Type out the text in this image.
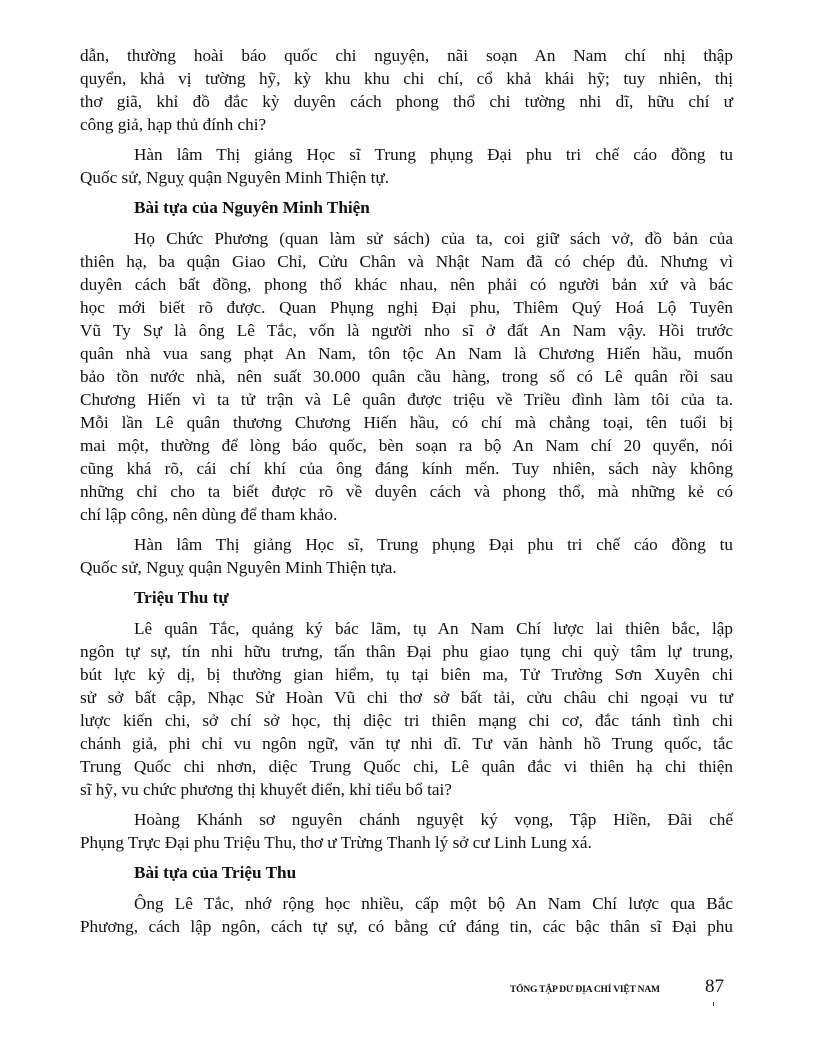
dẫn, thường hoài báo quốc chi nguyện, nãi soạn An Nam chí nhị thập
quyển, khả vị tường hỹ, kỳ khu khu chi chí, cổ khả khái hỹ; tuy nhiên, thị
thơ giã, khỉ đồ đắc kỳ duyên cách phong thổ chi tường nhi dĩ, hữu chí ư
công giả, hạp thủ đính chi?
Hàn lâm Thị giảng Học sĩ Trung phụng Đại phu tri chế cáo đồng tu
Quốc sử, Nguỵ quận Nguyên Minh Thiện tự.
Bài tựa của Nguyên Minh Thiện
Họ Chức Phương (quan làm sử sách) của ta, coi giữ sách vở, đồ bản của
thiên hạ, ba quận Giao Chỉ, Cửu Chân và Nhật Nam đã có chép đủ. Nhưng vì
duyên cách bất đồng, phong thổ khác nhau, nên phải có người bản xứ và bác
học mới biết rõ được. Quan Phụng nghị Đại phu, Thiêm Quý Hoá Lộ Tuyên
Vũ Ty Sự là ông Lê Tắc, vốn là người nho sĩ ở đất An Nam vậy. Hồi trước
quân nhà vua sang phạt An Nam, tôn tộc An Nam là Chương Hiến hầu, muốn
bảo tồn nước nhà, nên suất 30.000 quân cầu hàng, trong số có Lê quân rồi sau
Chương Hiến vì ta tử trận và Lê quân được triệu về Triều đình làm tôi của ta.
Mỗi lần Lê quân thương Chương Hiến hầu, có chí mà chẳng toại, tên tuổi bị
mai một, thường để lòng báo quốc, bèn soạn ra bộ An Nam chí 20 quyển, nói
cũng khá rõ, cái chí khí của ông đáng kính mến. Tuy nhiên, sách này không
những chỉ cho ta biết được rõ về duyên cách và phong thổ, mà những kẻ có
chí lập công, nên dùng để tham khảo.
Hàn lâm Thị giảng Học sĩ, Trung phụng Đại phu tri chế cáo đồng tu
Quốc sử, Nguỵ quận Nguyên Minh Thiện tựa.
Triệu Thu tự
Lê quân Tắc, quảng ký bác lãm, tụ An Nam Chí lược lai thiên bắc, lập
ngôn tự sự, tín nhi hữu trưng, tấn thân Đại phu giao tụng chi quỳ tâm lự trung,
bút lực kỷ dị, bị thường gian hiểm, tụ tại biên ma, Tử Trường Sơn Xuyên chi
sử sở bất cập, Nhạc Sử Hoàn Vũ chi thơ sở bất tải, cửu châu chi ngoại vu tư
lược kiến chi, sở chí sở học, thị diệc tri thiên mạng chi cơ, đắc tánh tình chi
chánh giả, phi chỉ vu ngôn ngữ, văn tự nhi dĩ. Tư văn hành hồ Trung quốc, tắc
Trung Quốc chi nhơn, diệc Trung Quốc chi, Lê quân đắc vi thiên hạ chi thiện
sĩ hỹ, vu chức phương thị khuyết điển, khỉ tiểu bổ tai?
Hoàng Khánh sơ nguyên chánh nguyệt ký vọng, Tập Hiền, Đãi chế
Phụng Trực Đại phu Triệu Thu, thơ ư Trừng Thanh lý sở cư Linh Lung xá.
Bài tựa của Triệu Thu
Ông Lê Tắc, nhớ rộng học nhiều, cấp một bộ An Nam Chí lược qua Bắc
Phương, cách lập ngôn, cách tự sự, có bằng cứ đáng tin, các bậc thân sĩ Đại phu
TỔNG TẬP DƯ ĐỊA CHÍ VIỆT NAM 87
